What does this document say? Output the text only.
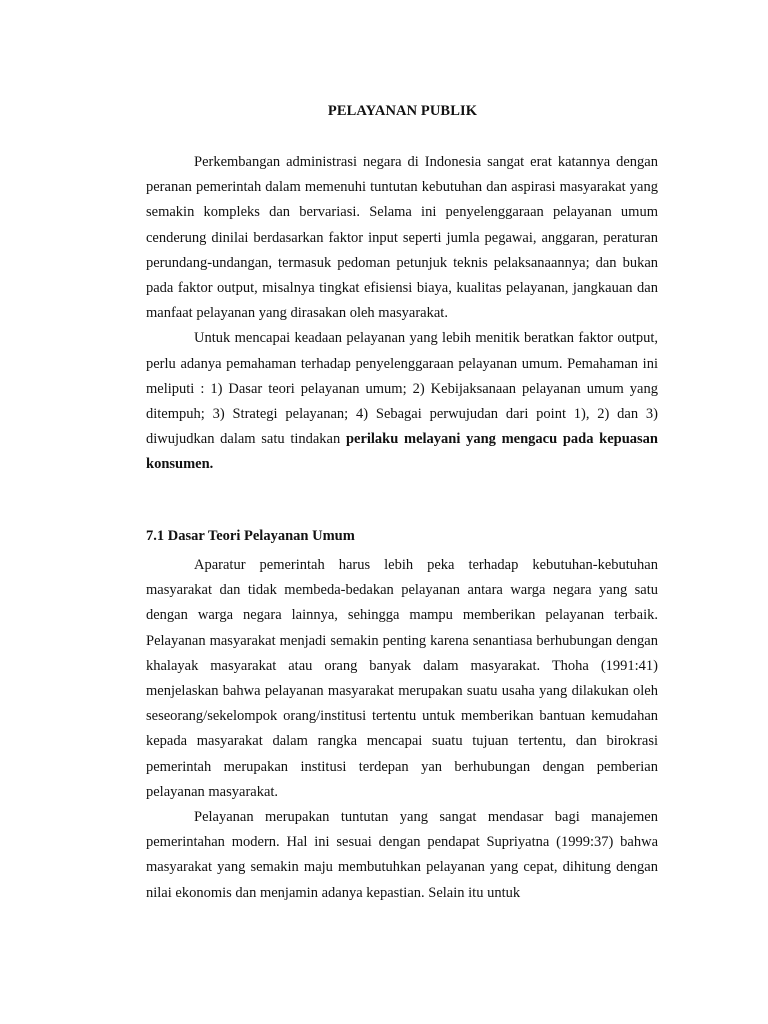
PELAYANAN PUBLIK

Perkembangan administrasi negara di Indonesia sangat erat katannya dengan peranan pemerintah dalam memenuhi tuntutan kebutuhan dan aspirasi masyarakat yang semakin kompleks dan bervariasi. Selama ini penyelenggaraan pelayanan umum cenderung dinilai berdasarkan faktor input seperti jumla pegawai, anggaran, peraturan perundang-undangan, termasuk pedoman petunjuk teknis pelaksanaannya; dan bukan pada faktor output, misalnya tingkat efisiensi biaya, kualitas pelayanan, jangkauan dan manfaat pelayanan yang dirasakan oleh masyarakat.

Untuk mencapai keadaan pelayanan yang lebih menitik beratkan faktor output, perlu adanya pemahaman terhadap penyelenggaraan pelayanan umum. Pemahaman ini meliputi : 1) Dasar teori pelayanan umum; 2) Kebijaksanaan pelayanan umum yang ditempuh; 3) Strategi pelayanan; 4) Sebagai perwujudan dari point 1), 2) dan 3) diwujudkan dalam satu tindakan perilaku melayani yang mengacu pada kepuasan konsumen.

7.1 Dasar Teori Pelayanan Umum

Aparatur pemerintah harus lebih peka terhadap kebutuhan-kebutuhan masyarakat dan tidak membeda-bedakan pelayanan antara warga negara yang satu dengan warga negara lainnya, sehingga mampu memberikan pelayanan terbaik. Pelayanan masyarakat menjadi semakin penting karena senantiasa berhubungan dengan khalayak masyarakat atau orang banyak dalam masyarakat. Thoha (1991:41) menjelaskan bahwa pelayanan masyarakat merupakan suatu usaha yang dilakukan oleh seseorang/sekelompok orang/institusi tertentu untuk memberikan bantuan kemudahan kepada masyarakat dalam rangka mencapai suatu tujuan tertentu, dan birokrasi pemerintah merupakan institusi terdepan yan berhubungan dengan pemberian pelayanan masyarakat.

Pelayanan merupakan tuntutan yang sangat mendasar bagi manajemen pemerintahan modern. Hal ini sesuai dengan pendapat Supriyatna (1999:37) bahwa masyarakat yang semakin maju membutuhkan pelayanan yang cepat, dihitung dengan nilai ekonomis dan menjamin adanya kepastian. Selain itu untuk
